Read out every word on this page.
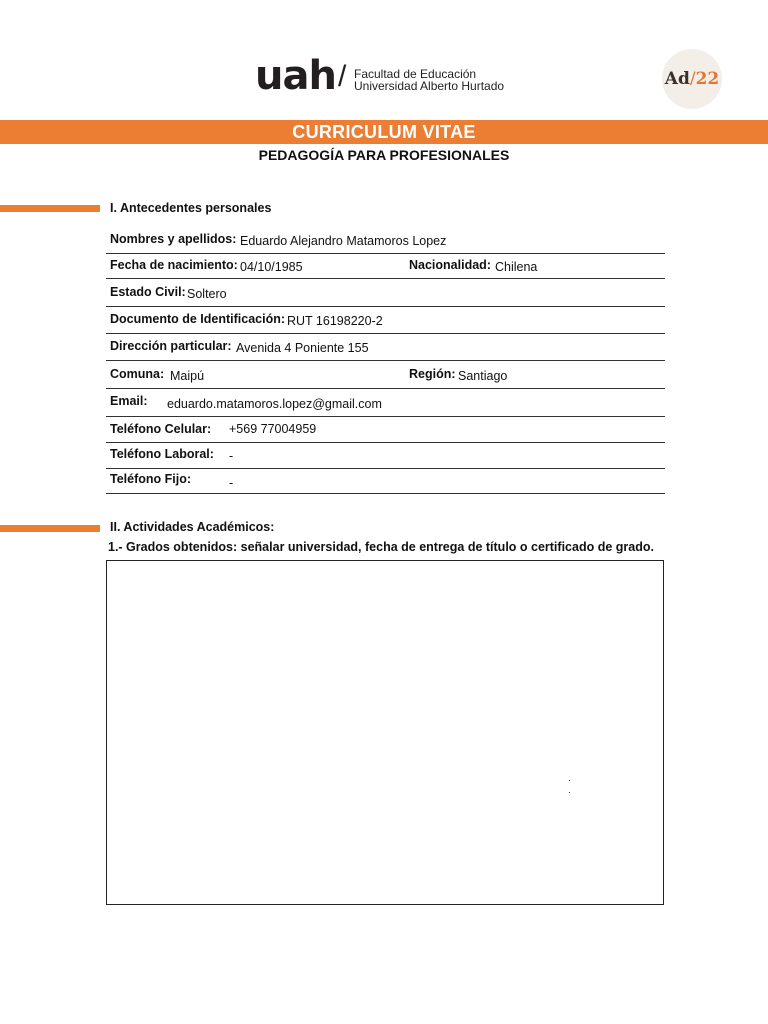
uah / Facultad de Educación
Universidad Alberto Hurtado	Ad/22
CURRICULUM VITAE
PEDAGOGÍA PARA PROFESIONALES
I. Antecedentes personales
Nombres y apellidos: Eduardo Alejandro Matamoros Lopez
Fecha de nacimiento: 04/10/1985	Nacionalidad: Chilena
Estado Civil: Soltero
Documento de Identificación: RUT 16198220-2
Dirección particular: Avenida 4 Poniente 155
Comuna: Maipú	Región: Santiago
Email: eduardo.matamoros.lopez@gmail.com
Teléfono Celular: +569 77004959
Teléfono Laboral: -
Teléfono Fijo:	-
II. Actividades Académicos:
1.- Grados obtenidos: señalar universidad, fecha de entrega de título o certificado de grado.
